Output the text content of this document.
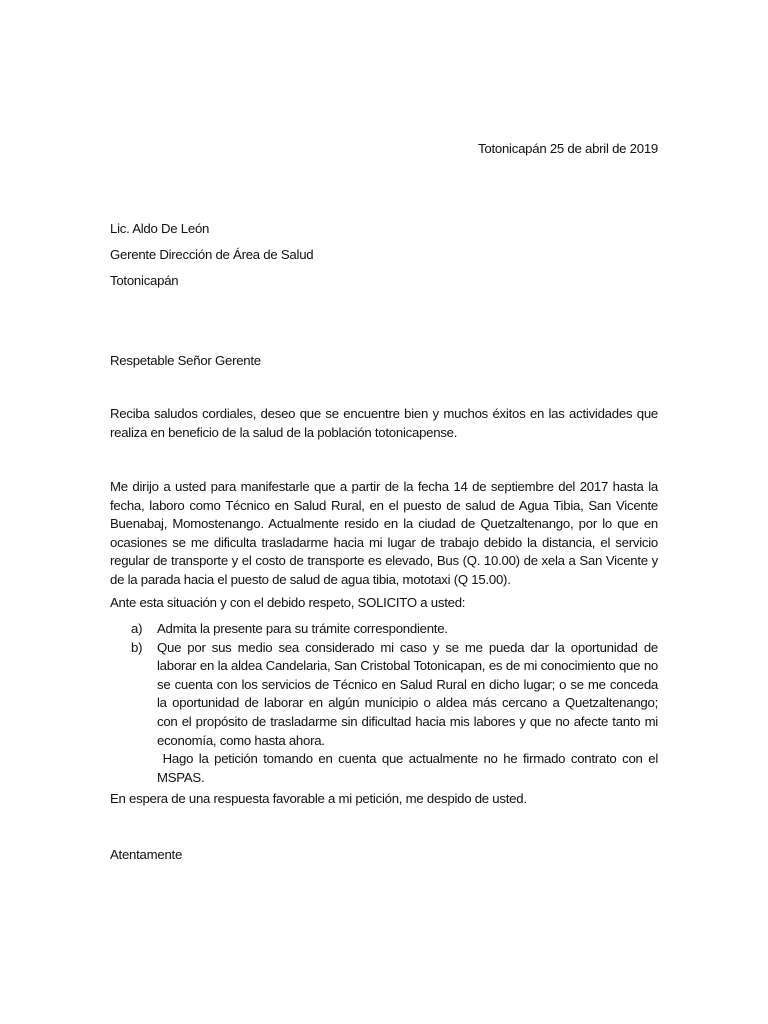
Totonicapán 25 de abril de 2019
Lic. Aldo De León
Gerente Dirección de Área de Salud
Totonicapán
Respetable Señor Gerente
Reciba saludos cordiales, deseo que se encuentre bien y muchos éxitos en las actividades que realiza en beneficio de la salud de la población totonicapense.
Me dirijo a usted para manifestarle que a partir de la fecha 14 de septiembre del 2017 hasta la fecha, laboro como Técnico en Salud Rural, en el puesto de salud de Agua Tibia, San Vicente Buenabaj, Momostenango. Actualmente resido en la ciudad de Quetzaltenango, por lo que en ocasiones se me dificulta trasladarme hacia mi lugar de trabajo debido la distancia, el servicio regular de transporte y el costo de transporte es elevado, Bus (Q. 10.00) de xela a San Vicente y de la parada hacia el puesto de salud de agua tibia, mototaxi (Q 15.00).
Ante esta situación y con el debido respeto, SOLICITO a usted:
a) Admita la presente para su trámite correspondiente.
b) Que por sus medio sea considerado mi caso y se me pueda dar la oportunidad de laborar en la aldea Candelaria, San Cristobal Totonicapan, es de mi conocimiento que no se cuenta con los servicios de Técnico en Salud Rural en dicho lugar; o se me conceda la oportunidad de laborar en algún municipio o aldea más cercano a Quetzaltenango; con el propósito de trasladarme sin dificultad hacia mis labores y que no afecte tanto mi economía, como hasta ahora.
Hago la petición tomando en cuenta que actualmente no he firmado contrato con el MSPAS.
En espera de una respuesta favorable a mi petición, me despido de usted.
Atentamente
